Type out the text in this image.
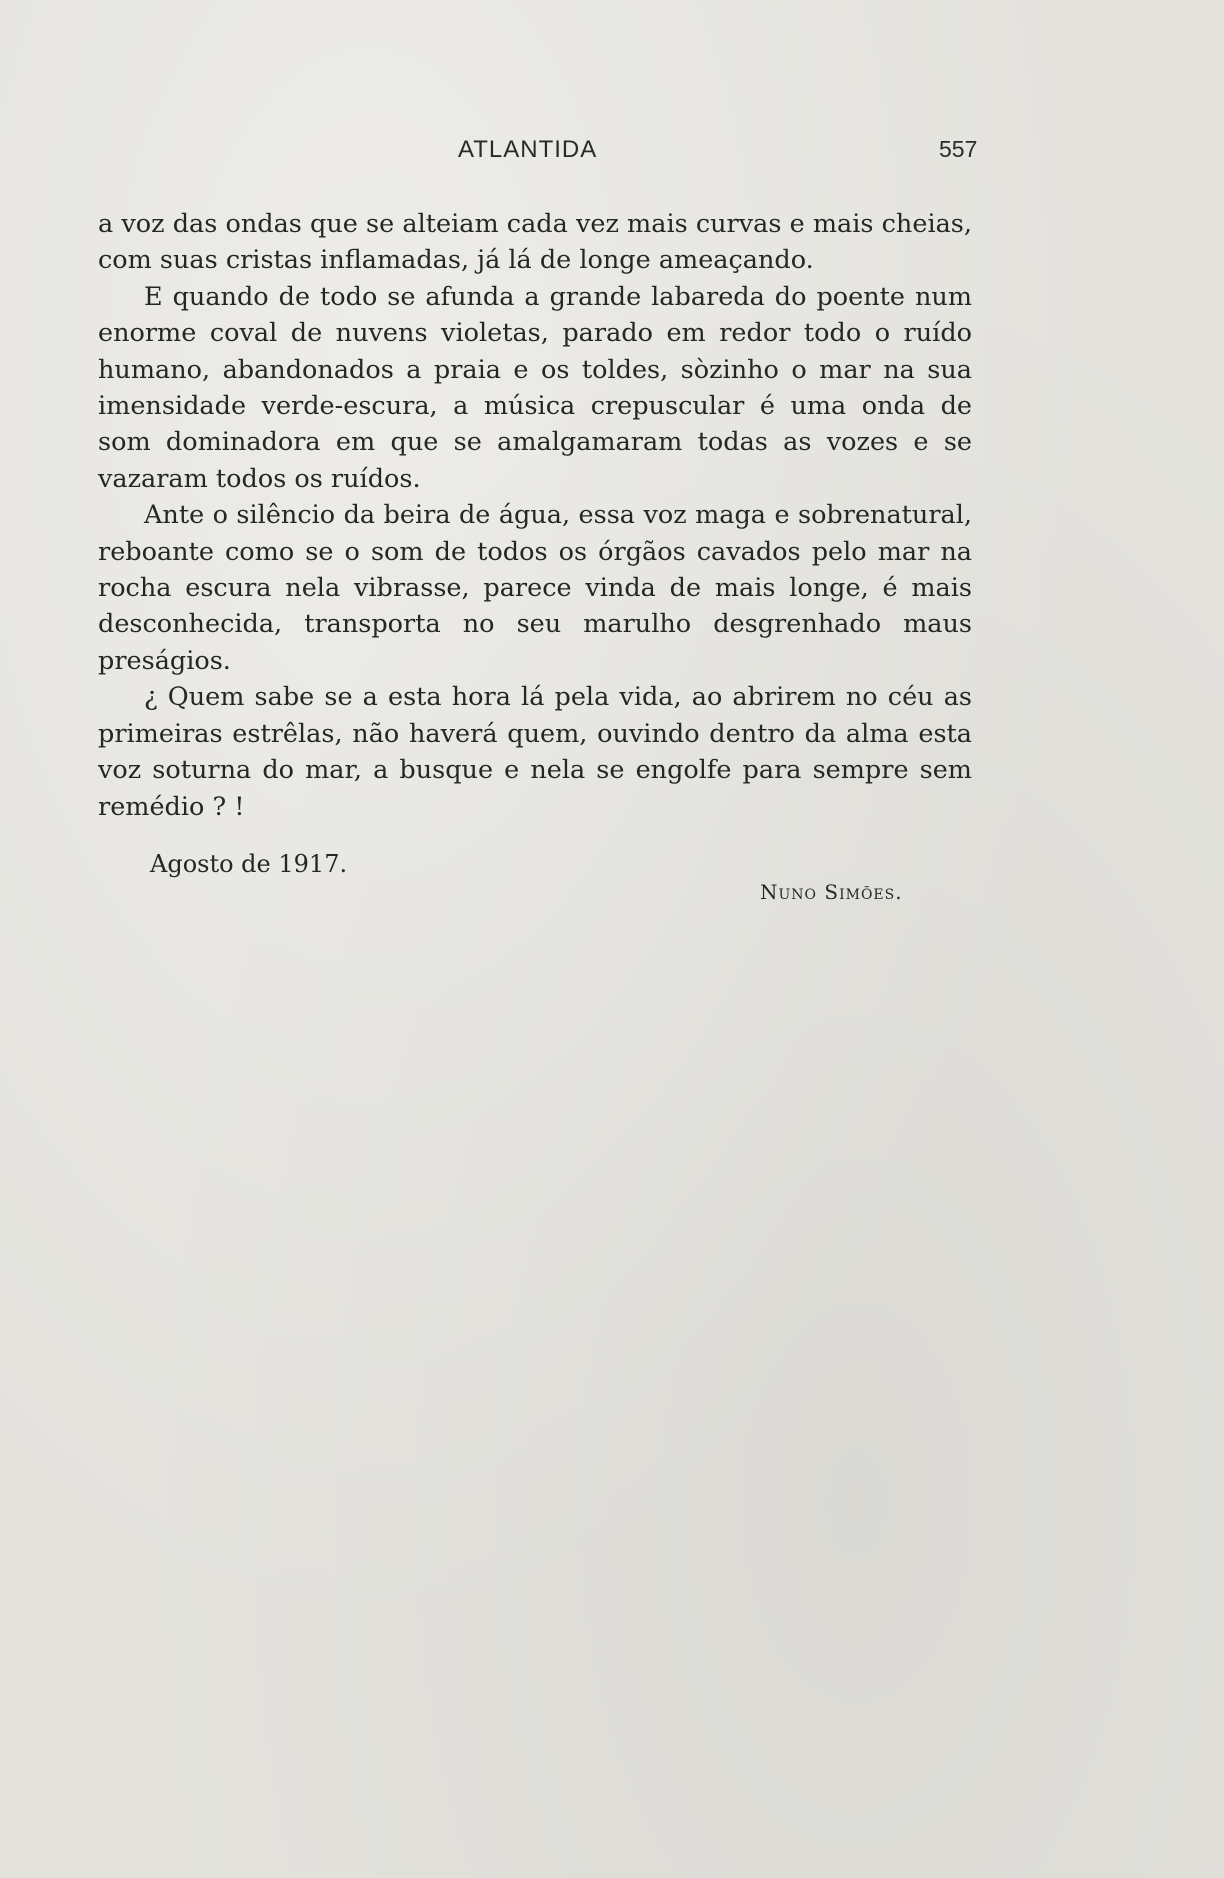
ATLANTIDA	557

a voz das ondas que se alteiam cada vez mais curvas e mais cheias, com suas cristas inflamadas, já lá de longe ameaçando.

E quando de todo se afunda a grande labareda do poente num enorme coval de nuvens violetas, parado em redor todo o ruído humano, abandonados a praia e os toldes, sòzinho o mar na sua imensidade verde-escura, a música crepuscular é uma onda de som dominadora em que se amalgamaram todas as vozes e se vazaram todos os ruídos.

Ante o silêncio da beira de água, essa voz maga e sobrenatural, reboante como se o som de todos os órgãos cavados pelo mar na rocha escura nela vibrasse, parece vinda de mais longe, é mais desconhecida, transporta no seu marulho desgrenhado maus preságios.

¿ Quem sabe se a esta hora lá pela vida, ao abrirem no céu as primeiras estrêlas, não haverá quem, ouvindo dentro da alma esta voz soturna do mar, a busque e nela se engolfe para sempre sem remédio ? !

Agosto de 1917.
Nuno Simões.
